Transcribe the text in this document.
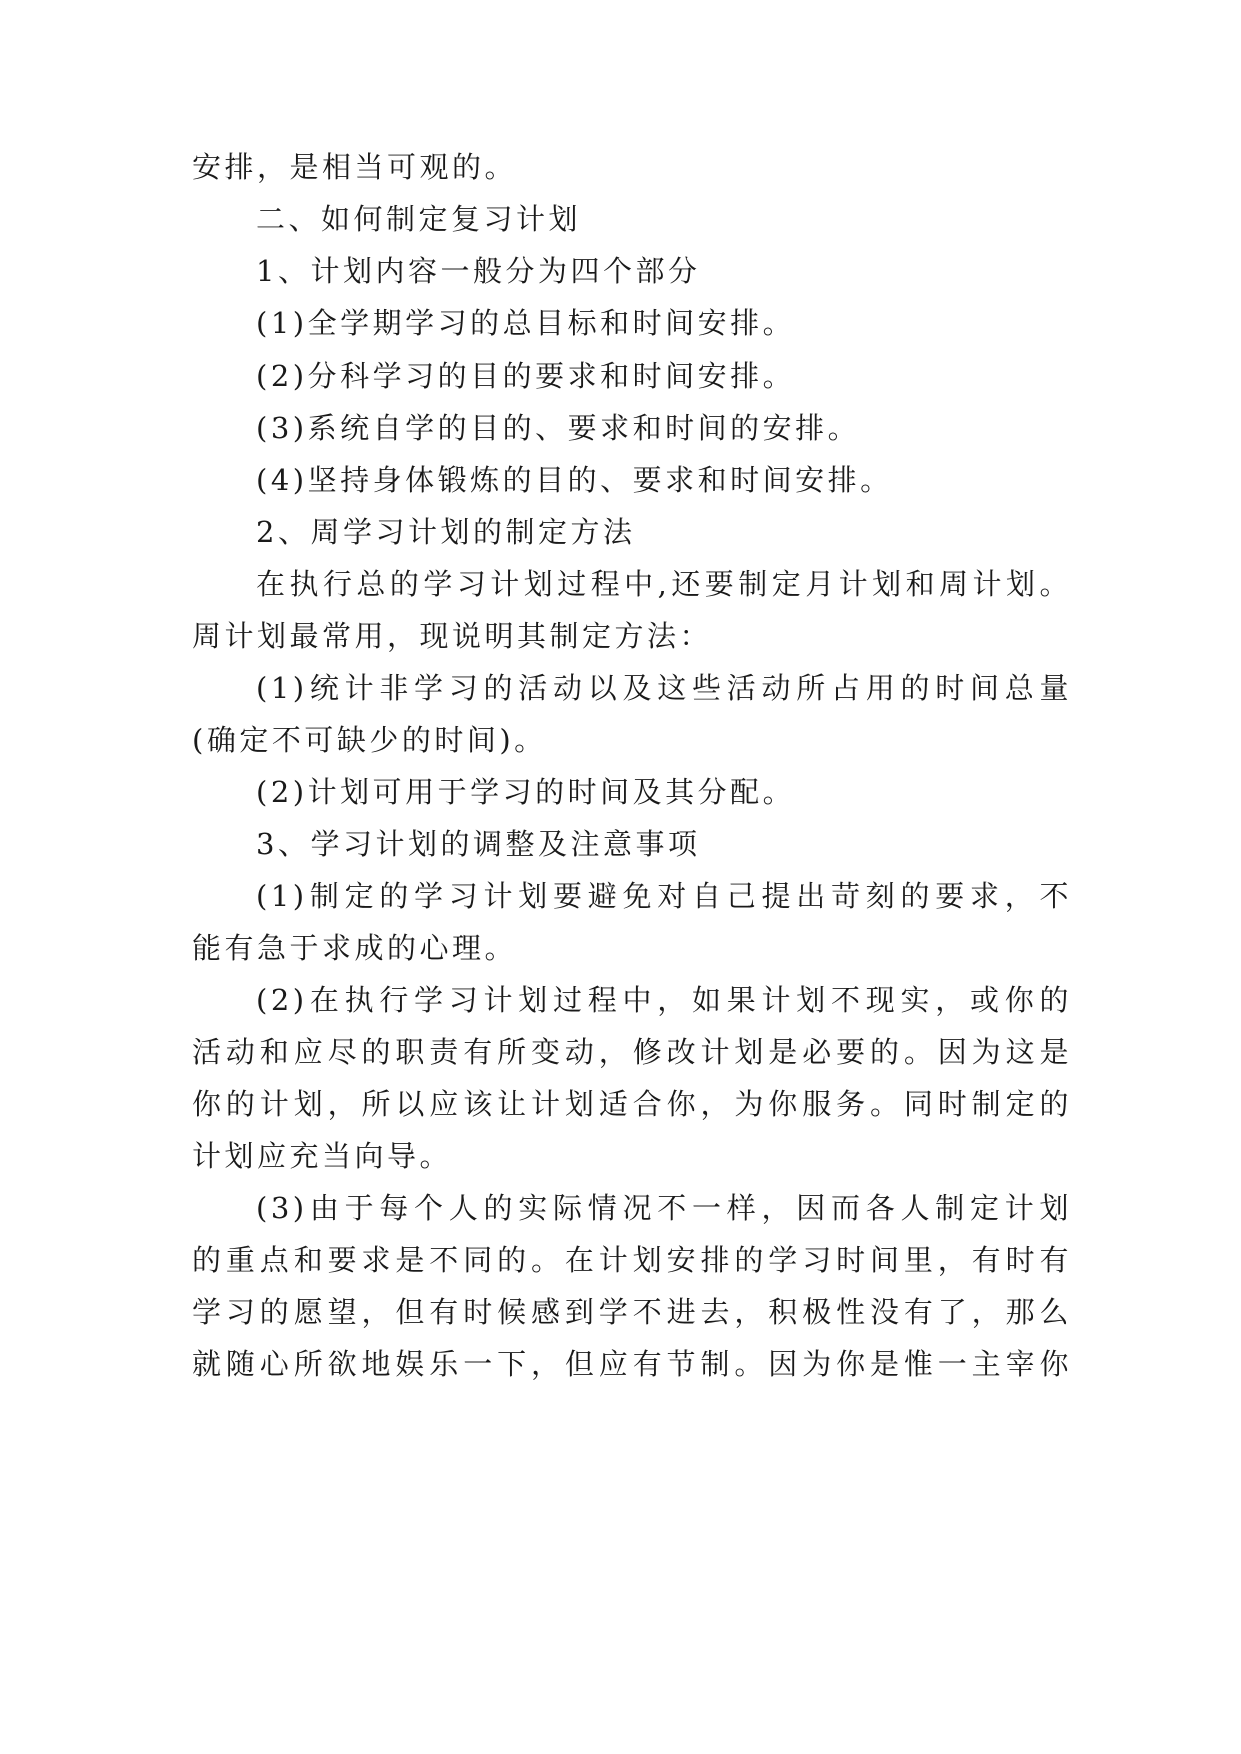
安排，是相当可观的。
二、如何制定复习计划
1、计划内容一般分为四个部分
(1)全学期学习的总目标和时间安排。
(2)分科学习的目的要求和时间安排。
(3)系统自学的目的、要求和时间的安排。
(4)坚持身体锻炼的目的、要求和时间安排。
2、周学习计划的制定方法
在执行总的学习计划过程中,还要制定月计划和周计划。
周计划最常用，现说明其制定方法：
(1)统计非学习的活动以及这些活动所占用的时间总量
(确定不可缺少的时间)。
(2)计划可用于学习的时间及其分配。
3、学习计划的调整及注意事项
(1)制定的学习计划要避免对自己提出苛刻的要求，不
能有急于求成的心理。
(2)在执行学习计划过程中，如果计划不现实，或你的
活动和应尽的职责有所变动，修改计划是必要的。因为这是
你的计划，所以应该让计划适合你，为你服务。同时制定的
计划应充当向导。
(3)由于每个人的实际情况不一样，因而各人制定计划
的重点和要求是不同的。在计划安排的学习时间里，有时有
学习的愿望，但有时候感到学不进去，积极性没有了，那么
就随心所欲地娱乐一下，但应有节制。因为你是惟一主宰你
